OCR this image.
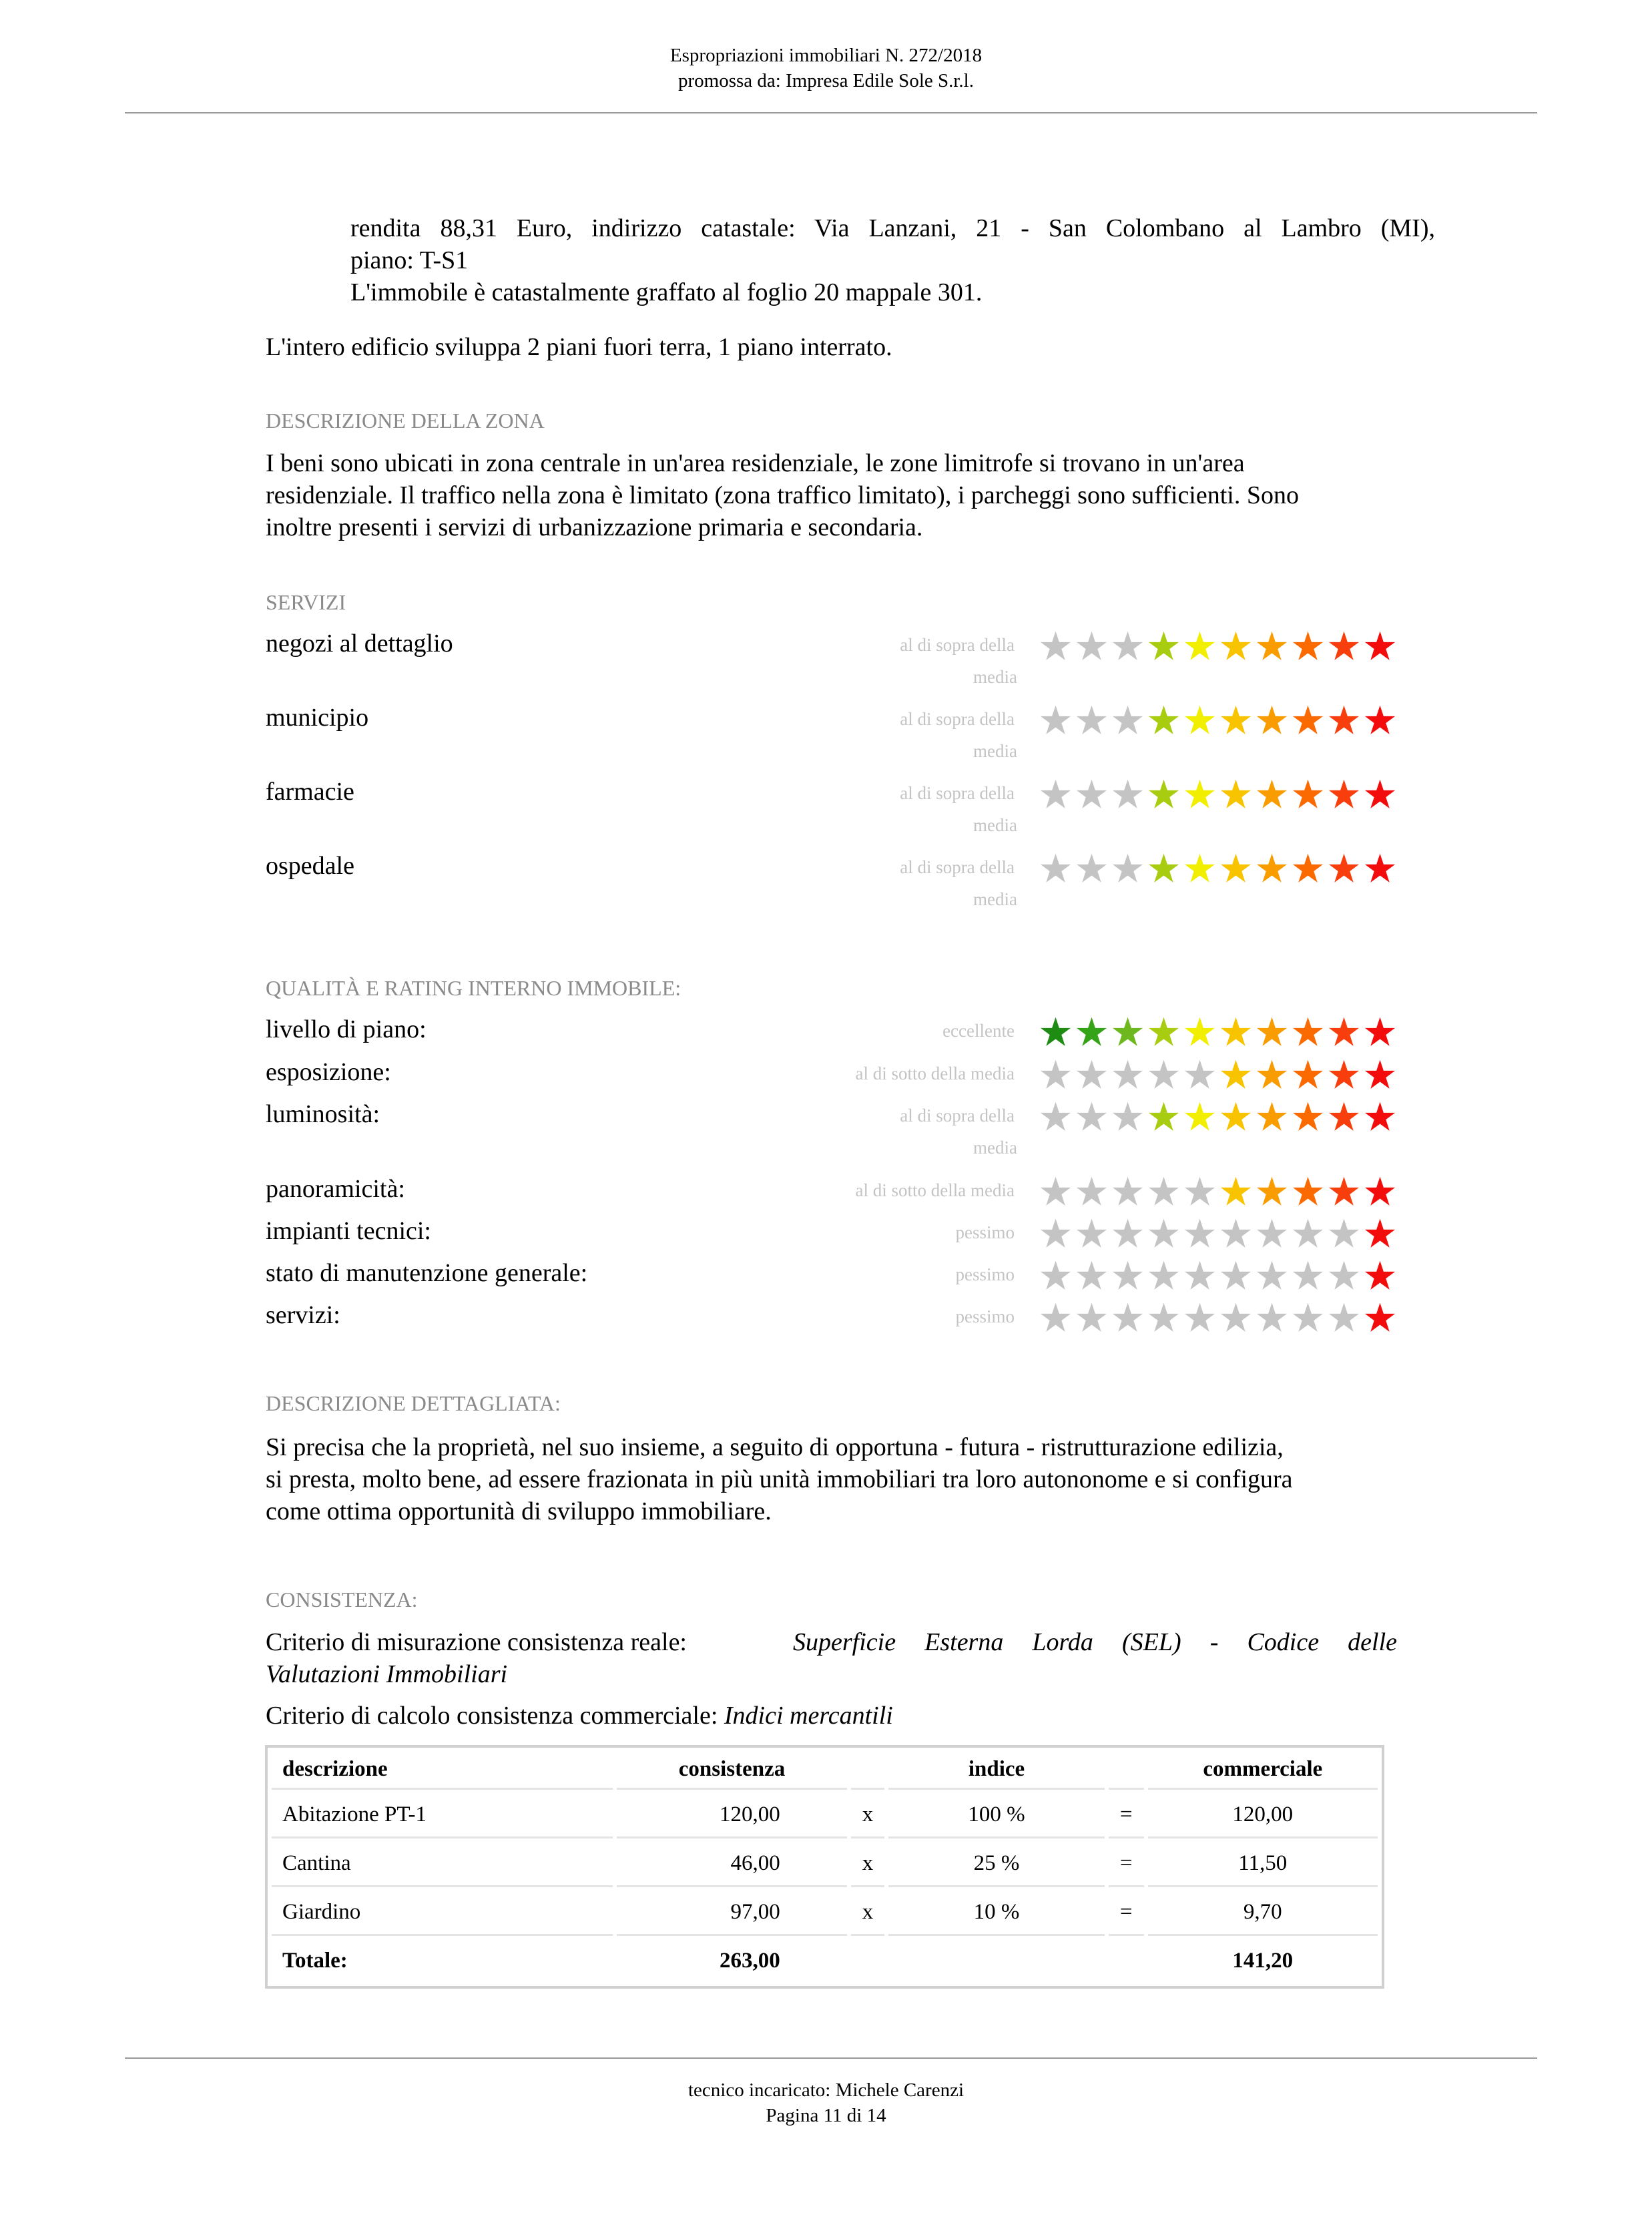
Espropriazioni immobiliari N. 272/2018
promossa da: Impresa Edile Sole S.r.l.
rendita 88,31 Euro, indirizzo catastale: Via Lanzani, 21 - San Colombano al Lambro (MI),
piano: T-S1
L'immobile è catastalmente graffato al foglio 20 mappale 301.
L'intero edificio sviluppa 2 piani fuori terra, 1 piano interrato.
DESCRIZIONE DELLA ZONA
I beni sono ubicati in zona centrale in un'area residenziale, le zone limitrofe si trovano in un'area
residenziale. Il traffico nella zona è limitato (zona traffico limitato), i parcheggi sono sufficienti. Sono
inoltre presenti i servizi di urbanizzazione primaria e secondaria.
SERVIZI
negozi al dettaglio	al di sopra della
media
municipio	al di sopra della
media
farmacie	al di sopra della
media
ospedale	al di sopra della
media
QUALITÀ E RATING INTERNO IMMOBILE:
livello di piano:	eccellente
esposizione:	al di sotto della media
luminosità:	al di sopra della
media
panoramicità:	al di sotto della media
impianti tecnici:	pessimo
stato di manutenzione generale:	pessimo
servizi:	pessimo
DESCRIZIONE DETTAGLIATA:
Si precisa che la proprietà, nel suo insieme, a seguito di opportuna - futura - ristrutturazione edilizia,
si presta, molto bene, ad essere frazionata in più unità immobiliari tra loro autononome e si configura
come ottima opportunità di sviluppo immobiliare.
CONSISTENZA:
Criterio di misurazione consistenza reale:	Superficie Esterna Lorda (SEL) - Codice delle
Valutazioni Immobiliari
Criterio di calcolo consistenza commerciale: Indici mercantili
descrizione	consistenza		indice		commerciale
Abitazione PT-1	120,00	x	100 %	=	120,00
Cantina	46,00	x	25 %	=	11,50
Giardino	97,00	x	10 %	=	9,70
Totale:	263,00				141,20
tecnico incaricato: Michele Carenzi
Pagina 11 di 14
